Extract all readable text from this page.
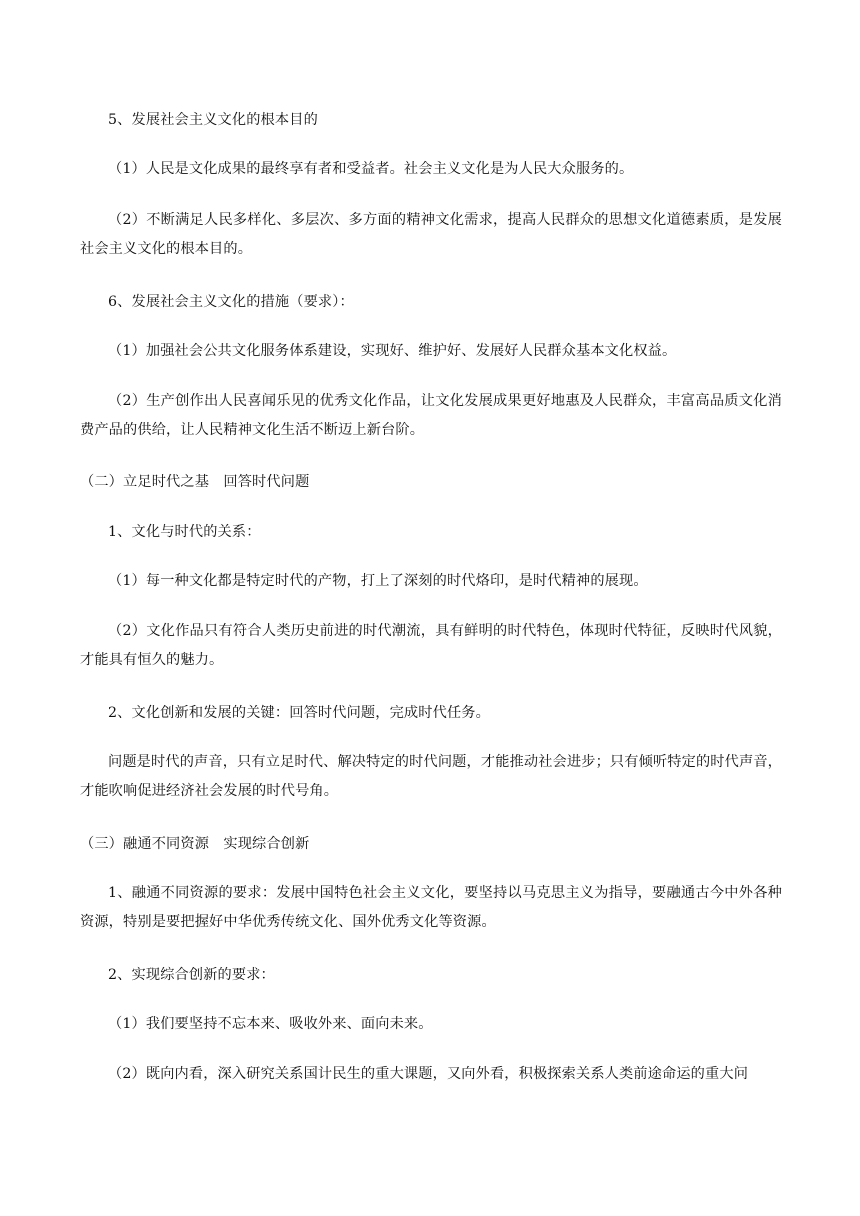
5、发展社会主义文化的根本目的

（1）人民是文化成果的最终享有者和受益者。社会主义文化是为人民大众服务的。

（2）不断满足人民多样化、多层次、多方面的精神文化需求，提高人民群众的思想文化道德素质，是发展社会主义文化的根本目的。

6、发展社会主义文化的措施（要求）：

（1）加强社会公共文化服务体系建设，实现好、维护好、发展好人民群众基本文化权益。

（2）生产创作出人民喜闻乐见的优秀文化作品，让文化发展成果更好地惠及人民群众，丰富高品质文化消费产品的供给，让人民精神文化生活不断迈上新台阶。

（二）立足时代之基　回答时代问题

1、文化与时代的关系：

（1）每一种文化都是特定时代的产物，打上了深刻的时代烙印，是时代精神的展现。

（2）文化作品只有符合人类历史前进的时代潮流，具有鲜明的时代特色，体现时代特征，反映时代风貌，才能具有恒久的魅力。

2、文化创新和发展的关键：回答时代问题，完成时代任务。

问题是时代的声音，只有立足时代、解决特定的时代问题，才能推动社会进步；只有倾听特定的时代声音，才能吹响促进经济社会发展的时代号角。

（三）融通不同资源　实现综合创新

1、融通不同资源的要求：发展中国特色社会主义文化，要坚持以马克思主义为指导，要融通古今中外各种资源，特别是要把握好中华优秀传统文化、国外优秀文化等资源。

2、实现综合创新的要求：

（1）我们要坚持不忘本来、吸收外来、面向未来。

（2）既向内看，深入研究关系国计民生的重大课题，又向外看，积极探索关系人类前途命运的重大问
